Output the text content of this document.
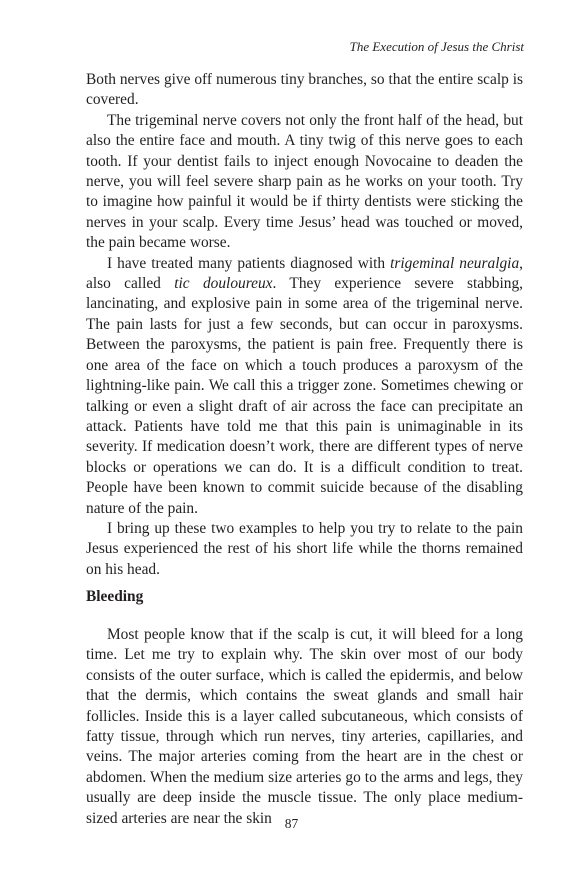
The Execution of Jesus the Christ

Both nerves give off numerous tiny branches, so that the entire scalp is covered.

The trigeminal nerve covers not only the front half of the head, but also the entire face and mouth. A tiny twig of this nerve goes to each tooth. If your dentist fails to inject enough Novocaine to deaden the nerve, you will feel severe sharp pain as he works on your tooth. Try to imagine how painful it would be if thirty dentists were sticking the nerves in your scalp. Every time Jesus’ head was touched or moved, the pain became worse.

I have treated many patients diagnosed with trigeminal neuralgia, also called tic douloureux. They experience severe stabbing, lancinating, and explosive pain in some area of the trigeminal nerve. The pain lasts for just a few seconds, but can occur in paroxysms. Between the paroxysms, the patient is pain free. Frequently there is one area of the face on which a touch produces a paroxysm of the lightning-like pain. We call this a trigger zone. Sometimes chewing or talking or even a slight draft of air across the face can precipitate an attack. Patients have told me that this pain is unimaginable in its severity. If medication doesn’t work, there are different types of nerve blocks or operations we can do. It is a difficult condition to treat. People have been known to commit suicide because of the disabling nature of the pain.

I bring up these two examples to help you try to relate to the pain Jesus experienced the rest of his short life while the thorns remained on his head.

Bleeding

Most people know that if the scalp is cut, it will bleed for a long time. Let me try to explain why. The skin over most of our body consists of the outer surface, which is called the epidermis, and below that the dermis, which contains the sweat glands and small hair follicles. Inside this is a layer called subcutaneous, which consists of fatty tissue, through which run nerves, tiny arteries, capillaries, and veins. The major arteries coming from the heart are in the chest or abdomen. When the medium size arteries go to the arms and legs, they usually are deep inside the muscle tissue. The only place medium-sized arteries are near the skin 87
